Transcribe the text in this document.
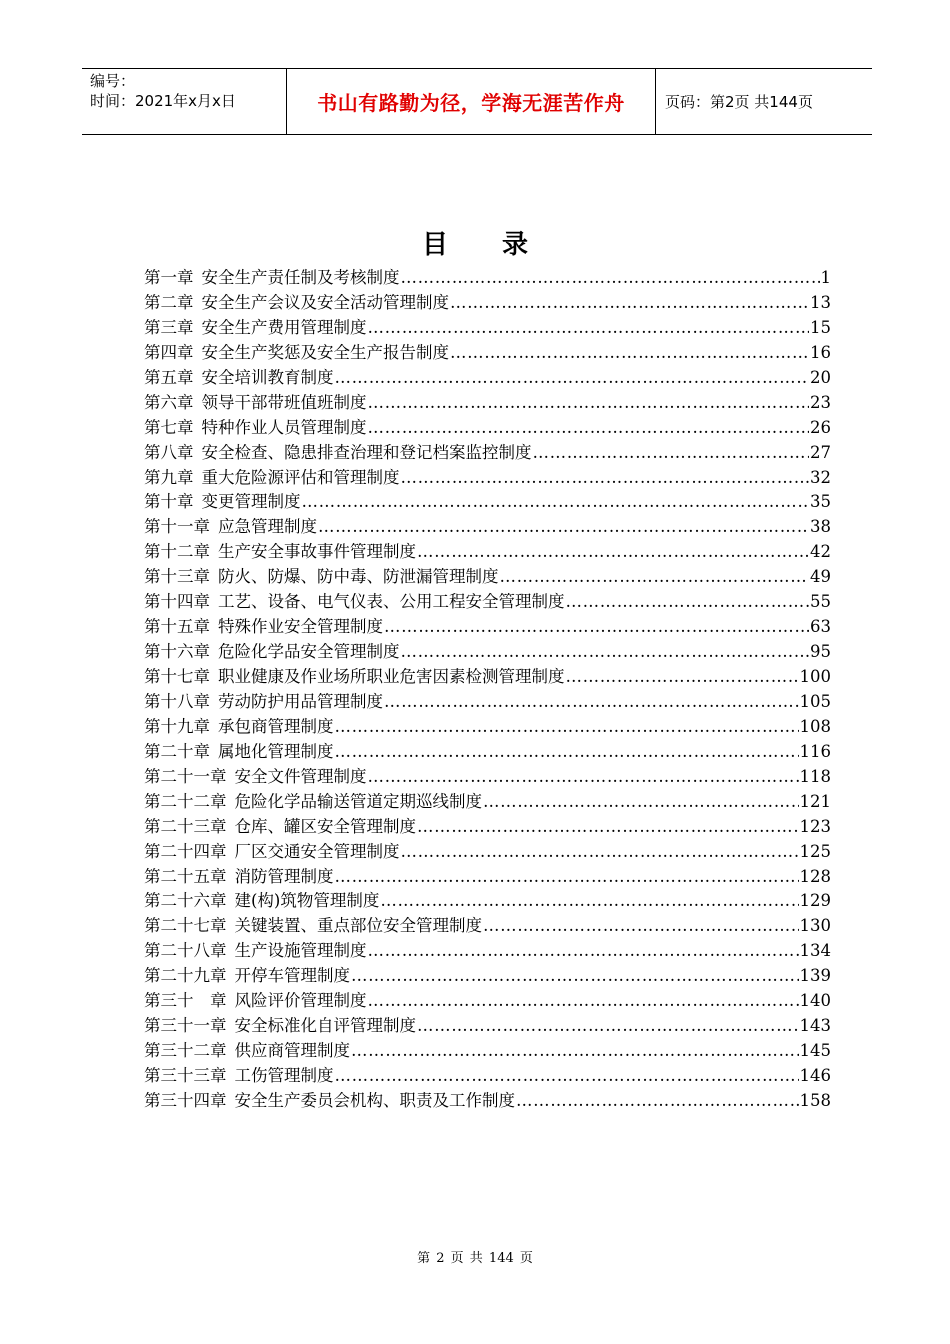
编号：
时间：2021年x月x日	书山有路勤为径，学海无涯苦作舟	页码：第2页 共144页
目录
第一章 安全生产责任制及考核制度 …………………………………………………………………………………………………………………………………………	1
第二章 安全生产会议及安全活动管理制度 …………………………………………………………………………………………………………………………………………	13
第三章 安全生产费用管理制度 …………………………………………………………………………………………………………………………………………	15
第四章 安全生产奖惩及安全生产报告制度 …………………………………………………………………………………………………………………………………………	16
第五章 安全培训教育制度 …………………………………………………………………………………………………………………………………………	20
第六章 领导干部带班值班制度 …………………………………………………………………………………………………………………………………………	23
第七章 特种作业人员管理制度 …………………………………………………………………………………………………………………………………………	26
第八章 安全检查、隐患排查治理和登记档案监控制度 …………………………………………………………………………………………………………………………………………	27
第九章 重大危险源评估和管理制度 …………………………………………………………………………………………………………………………………………	32
第十章 变更管理制度 …………………………………………………………………………………………………………………………………………	35
第十一章 应急管理制度 …………………………………………………………………………………………………………………………………………	38
第十二章 生产安全事故事件管理制度 …………………………………………………………………………………………………………………………………………	42
第十三章 防火、防爆、防中毒、防泄漏管理制度 …………………………………………………………………………………………………………………………………………	49
第十四章 工艺、设备、电气仪表、公用工程安全管理制度 …………………………………………………………………………………………………………………………………………	55
第十五章 特殊作业安全管理制度 …………………………………………………………………………………………………………………………………………	63
第十六章 危险化学品安全管理制度 …………………………………………………………………………………………………………………………………………	95
第十七章 职业健康及作业场所职业危害因素检测管理制度 …………………………………………………………………………………………………………………………………………	100
第十八章 劳动防护用品管理制度 …………………………………………………………………………………………………………………………………………	105
第十九章 承包商管理制度 …………………………………………………………………………………………………………………………………………	108
第二十章 属地化管理制度 …………………………………………………………………………………………………………………………………………	116
第二十一章 安全文件管理制度 …………………………………………………………………………………………………………………………………………	118
第二十二章 危险化学品输送管道定期巡线制度 …………………………………………………………………………………………………………………………………………	121
第二十三章 仓库、罐区安全管理制度 …………………………………………………………………………………………………………………………………………	123
第二十四章 厂区交通安全管理制度 …………………………………………………………………………………………………………………………………………	125
第二十五章 消防管理制度 …………………………………………………………………………………………………………………………………………	128
第二十六章 建(构)筑物管理制度 …………………………………………………………………………………………………………………………………………	129
第二十七章 关键装置、重点部位安全管理制度 …………………………………………………………………………………………………………………………………………	130
第二十八章 生产设施管理制度 …………………………………………………………………………………………………………………………………………	134
第二十九章 开停车管理制度 …………………………………………………………………………………………………………………………………………	139
第三十　章 风险评价管理制度 …………………………………………………………………………………………………………………………………………	140
第三十一章 安全标准化自评管理制度 …………………………………………………………………………………………………………………………………………	143
第三十二章 供应商管理制度 …………………………………………………………………………………………………………………………………………	145
第三十三章 工伤管理制度 …………………………………………………………………………………………………………………………………………	146
第三十四章 安全生产委员会机构、职责及工作制度 …………………………………………………………………………………………………………………………………………	158
第 2 页 共 144 页
